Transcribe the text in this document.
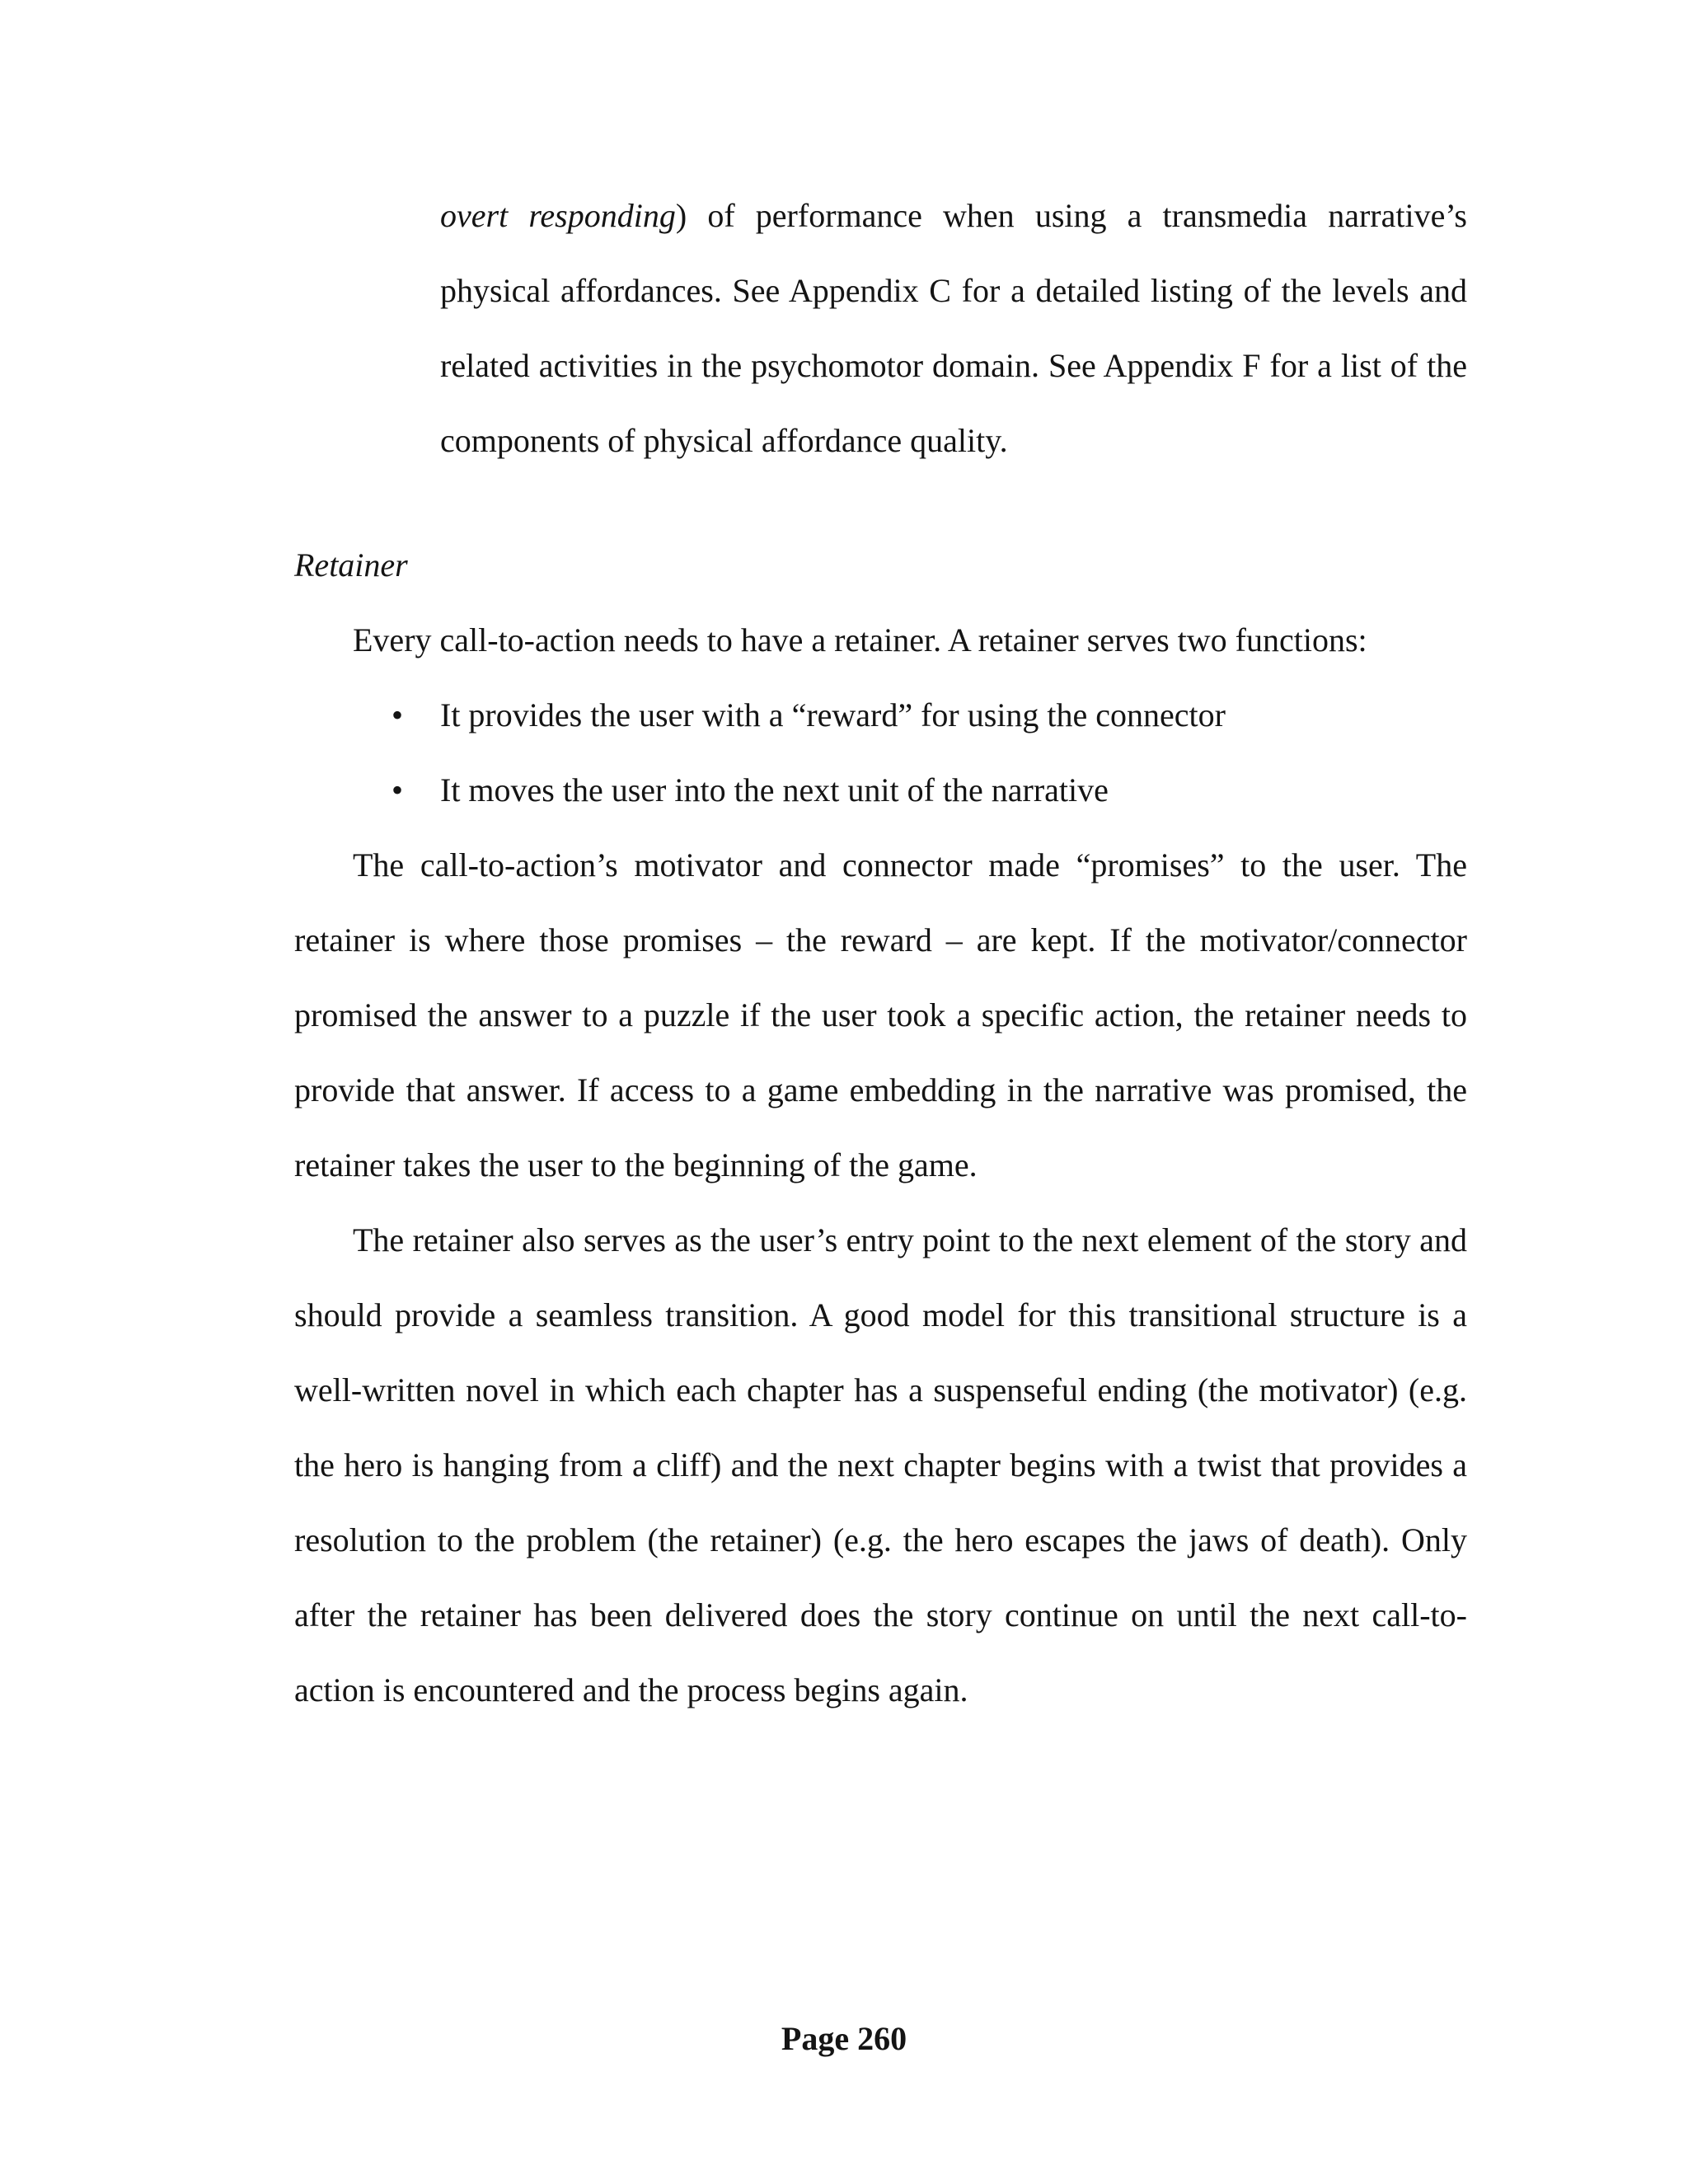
overt responding) of performance when using a transmedia narrative’s physical affordances. See Appendix C for a detailed listing of the levels and related activities in the psychomotor domain. See Appendix F for a list of the components of physical affordance quality.
Retainer
Every call-to-action needs to have a retainer. A retainer serves two functions:
• It provides the user with a “reward” for using the connector
• It moves the user into the next unit of the narrative
The call-to-action’s motivator and connector made “promises” to the user. The retainer is where those promises – the reward – are kept. If the motivator/connector promised the answer to a puzzle if the user took a specific action, the retainer needs to provide that answer. If access to a game embedding in the narrative was promised, the retainer takes the user to the beginning of the game.
The retainer also serves as the user’s entry point to the next element of the story and should provide a seamless transition. A good model for this transitional structure is a well-written novel in which each chapter has a suspenseful ending (the motivator) (e.g. the hero is hanging from a cliff) and the next chapter begins with a twist that provides a resolution to the problem (the retainer) (e.g. the hero escapes the jaws of death). Only after the retainer has been delivered does the story continue on until the next call-to-action is encountered and the process begins again.
Page 260
